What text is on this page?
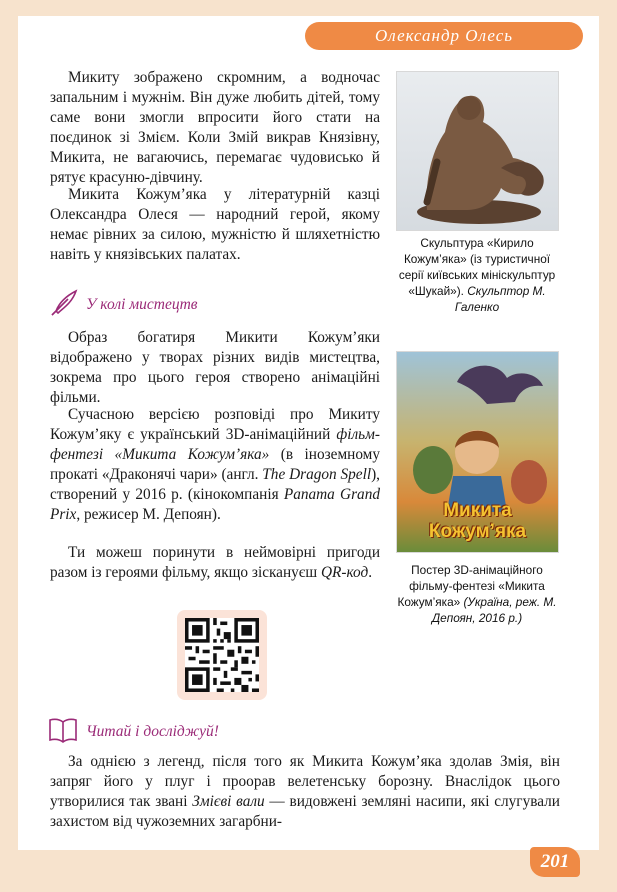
Олександр Олесь

Микиту зображено скромним, а водночас запальним і мужнім. Він дуже любить дітей, тому саме вони змогли впросити його стати на поєдинок зі Змієм. Коли Змій викрав Князівну, Микита, не вагаючись, перемагає чудовисько й рятує красуню-дівчину.

Микита Кожум’яка у літературній казці Олександра Олеся — народний герой, якому немає рівних за силою, мужністю й шляхетністю навіть у князівських палатах.

У колі мистецтв

Образ богатиря Микити Кожум’яки відображено у творах різних видів мистецтва, зокрема про цього героя створено анімаційні фільми.

Сучасною версією розповіді про Микиту Кожум’яку є український 3D-анімаційний фільм-фентезі «Микита Кожум’яка» (в іноземному прокаті «Драконячі чари» (англ. The Dragon Spell), створений у 2016 р. (кінокомпанія Panama Grand Prix, режисер М. Депоян).

Ти можеш поринути в неймовірні пригоди разом із героями фільму, якщо зіскануєш QR-код.

Скульптура «Кирило Кожум’яка» (із туристичної серії київських мініскульптур «Шукай»). Скульптор М. Галенко
Микита
Кожум’яка
Постер 3D-анімаційного фільму-фентезі «Микита Кожум’яка» (Україна, реж. М. Депоян, 2016 р.)
Читай і досліджуй!

За однією з легенд, після того як Микита Кожум’яка здолав Змія, він запряг його у плуг і проорав велетенську борозну. Внаслідок цього утворилися так звані Змієві вали — видовжені земляні насипи, які слугували захистом від чужоземних загарбни-

201
